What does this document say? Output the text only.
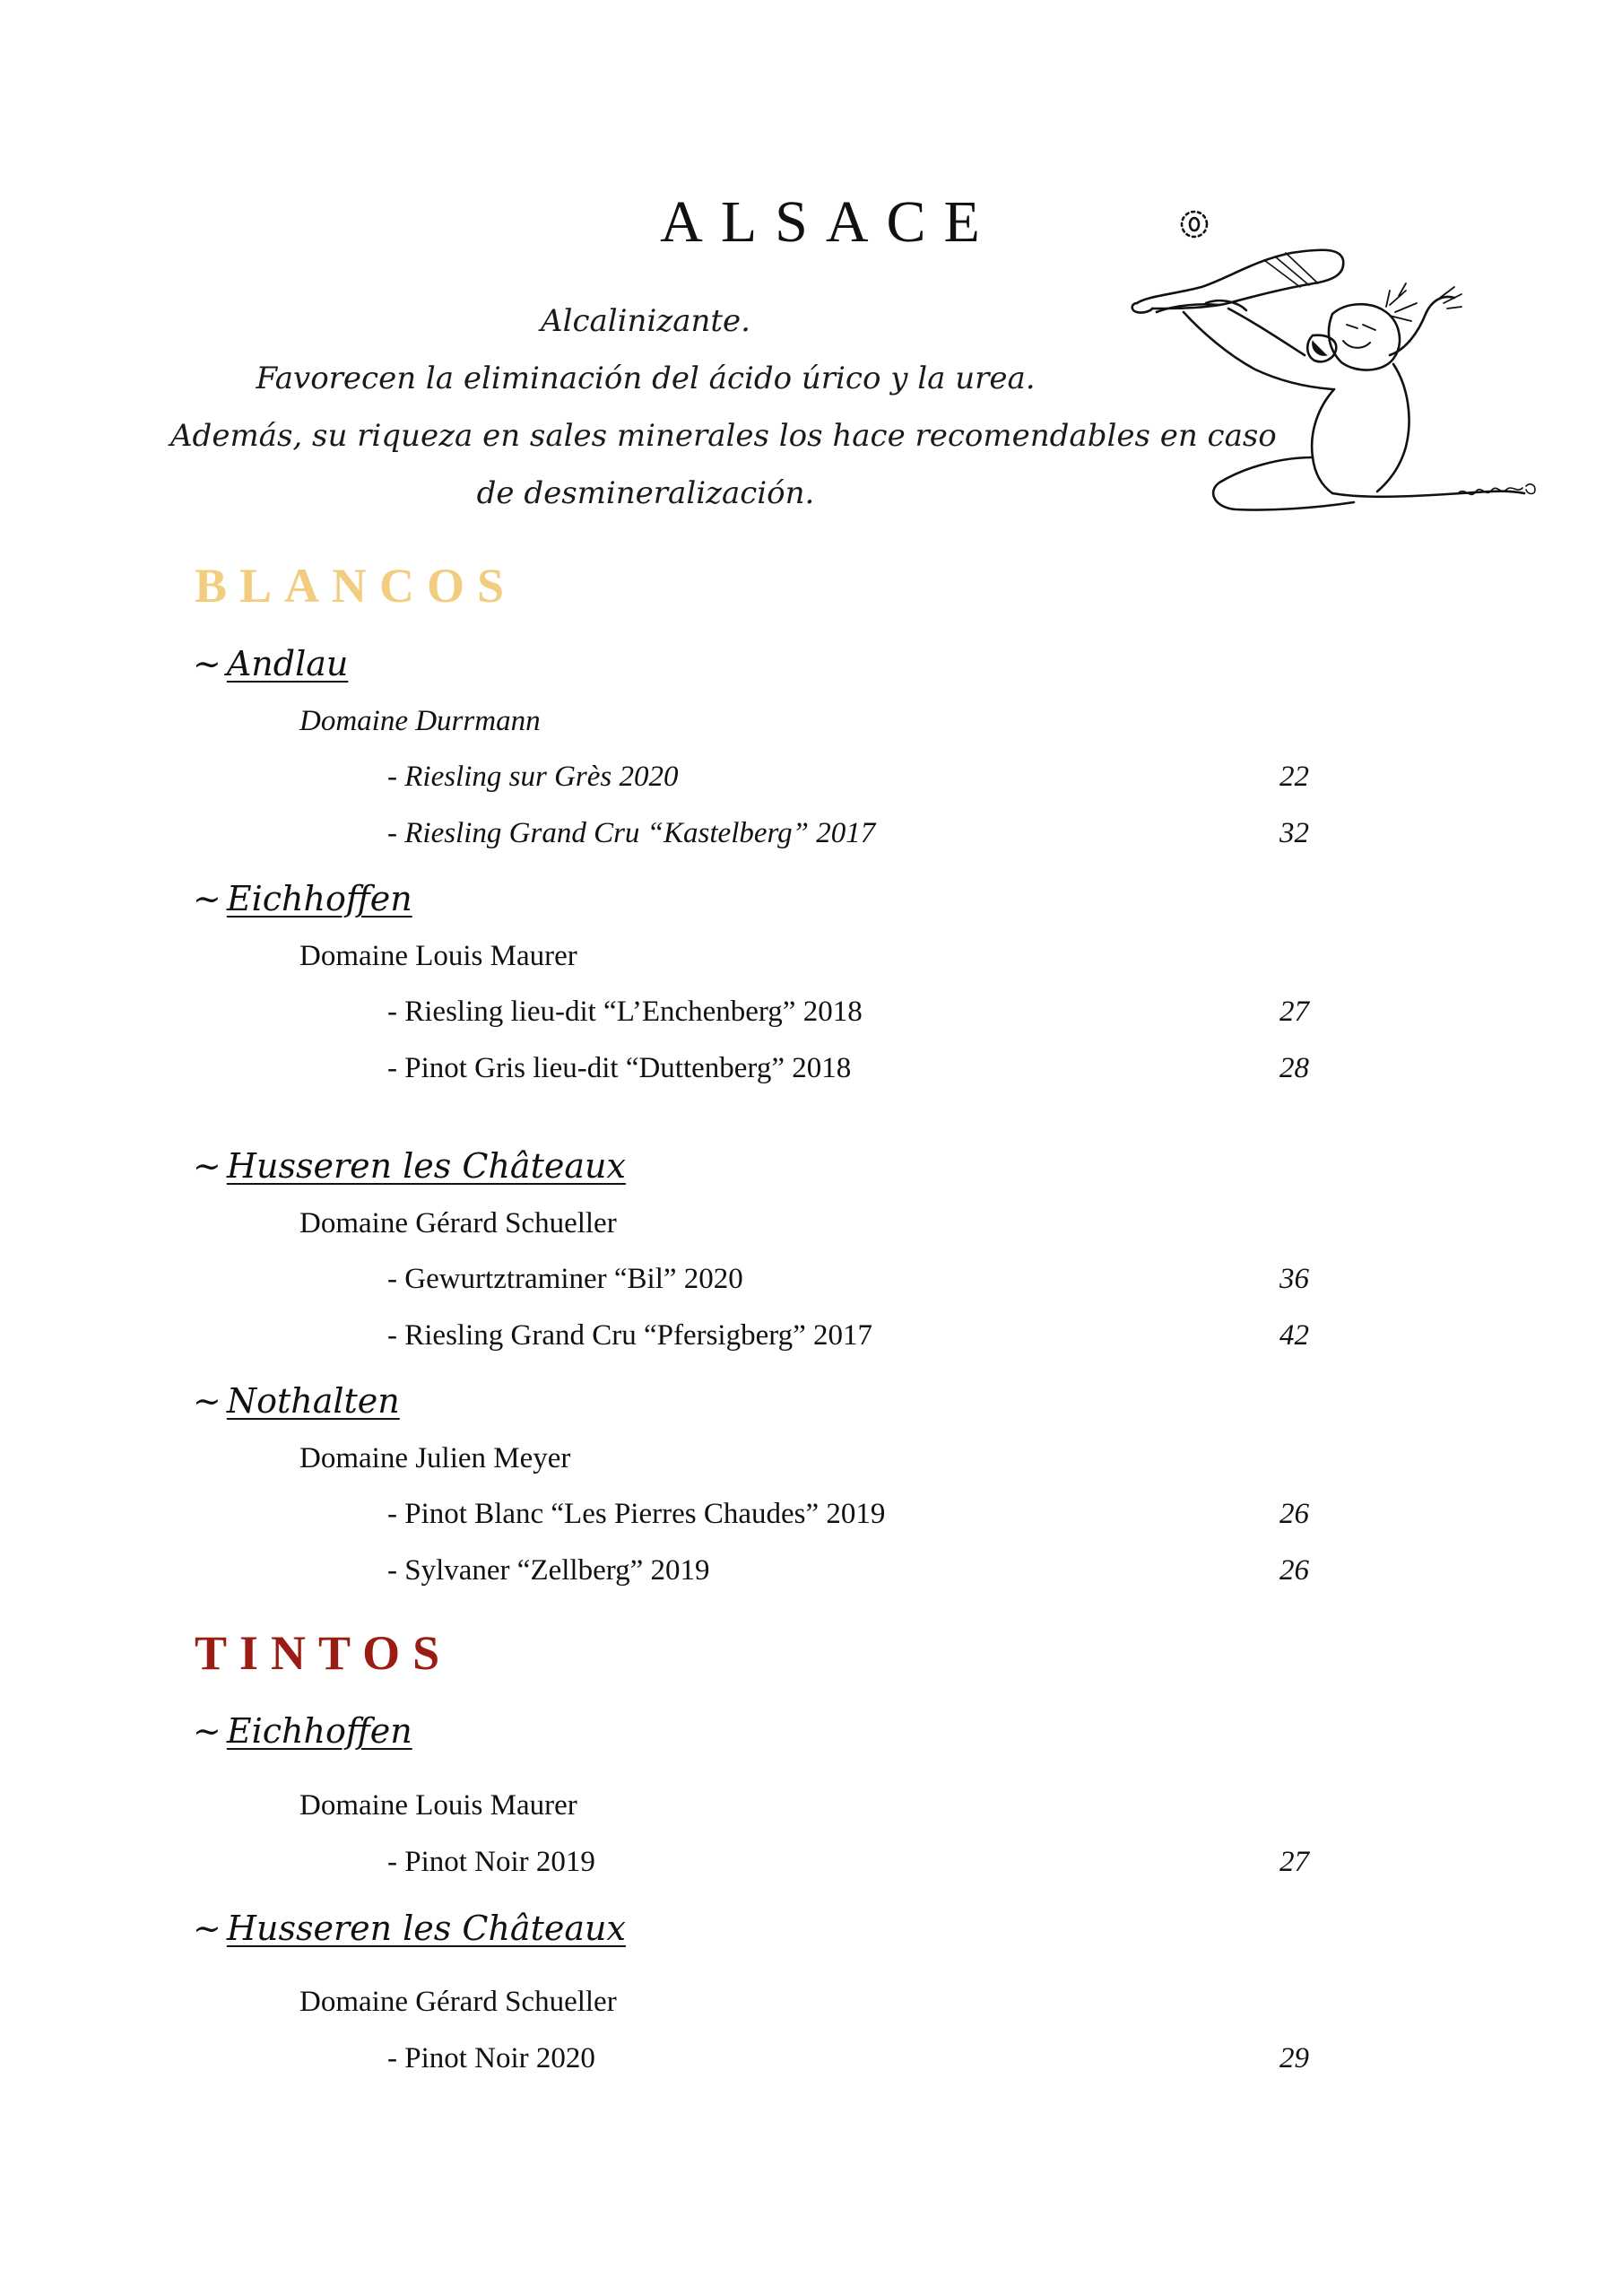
ALSACE
Alcalinizante.
Favorecen la eliminación del ácido úrico y la urea.
Además, su riqueza en sales minerales los hace recomendables en caso
de desmineralización.
BLANCOS
~ Andlau
Domaine Durrmann
- Riesling sur Grès 2020	22
- Riesling Grand Cru “Kastelberg” 2017	32
~ Eichhoffen
Domaine Louis Maurer
- Riesling lieu-dit “L’Enchenberg” 2018	27
- Pinot Gris lieu-dit “Duttenberg” 2018	28
~ Husseren les Châteaux
Domaine Gérard Schueller
- Gewurtztraminer “Bil” 2020	36
- Riesling Grand Cru “Pfersigberg” 2017	42
~ Nothalten
Domaine Julien Meyer
- Pinot Blanc “Les Pierres Chaudes” 2019	26
- Sylvaner “Zellberg” 2019	26
TINTOS
~ Eichhoffen
Domaine Louis Maurer
- Pinot Noir 2019	27
~ Husseren les Châteaux
Domaine Gérard Schueller
- Pinot Noir 2020	29
